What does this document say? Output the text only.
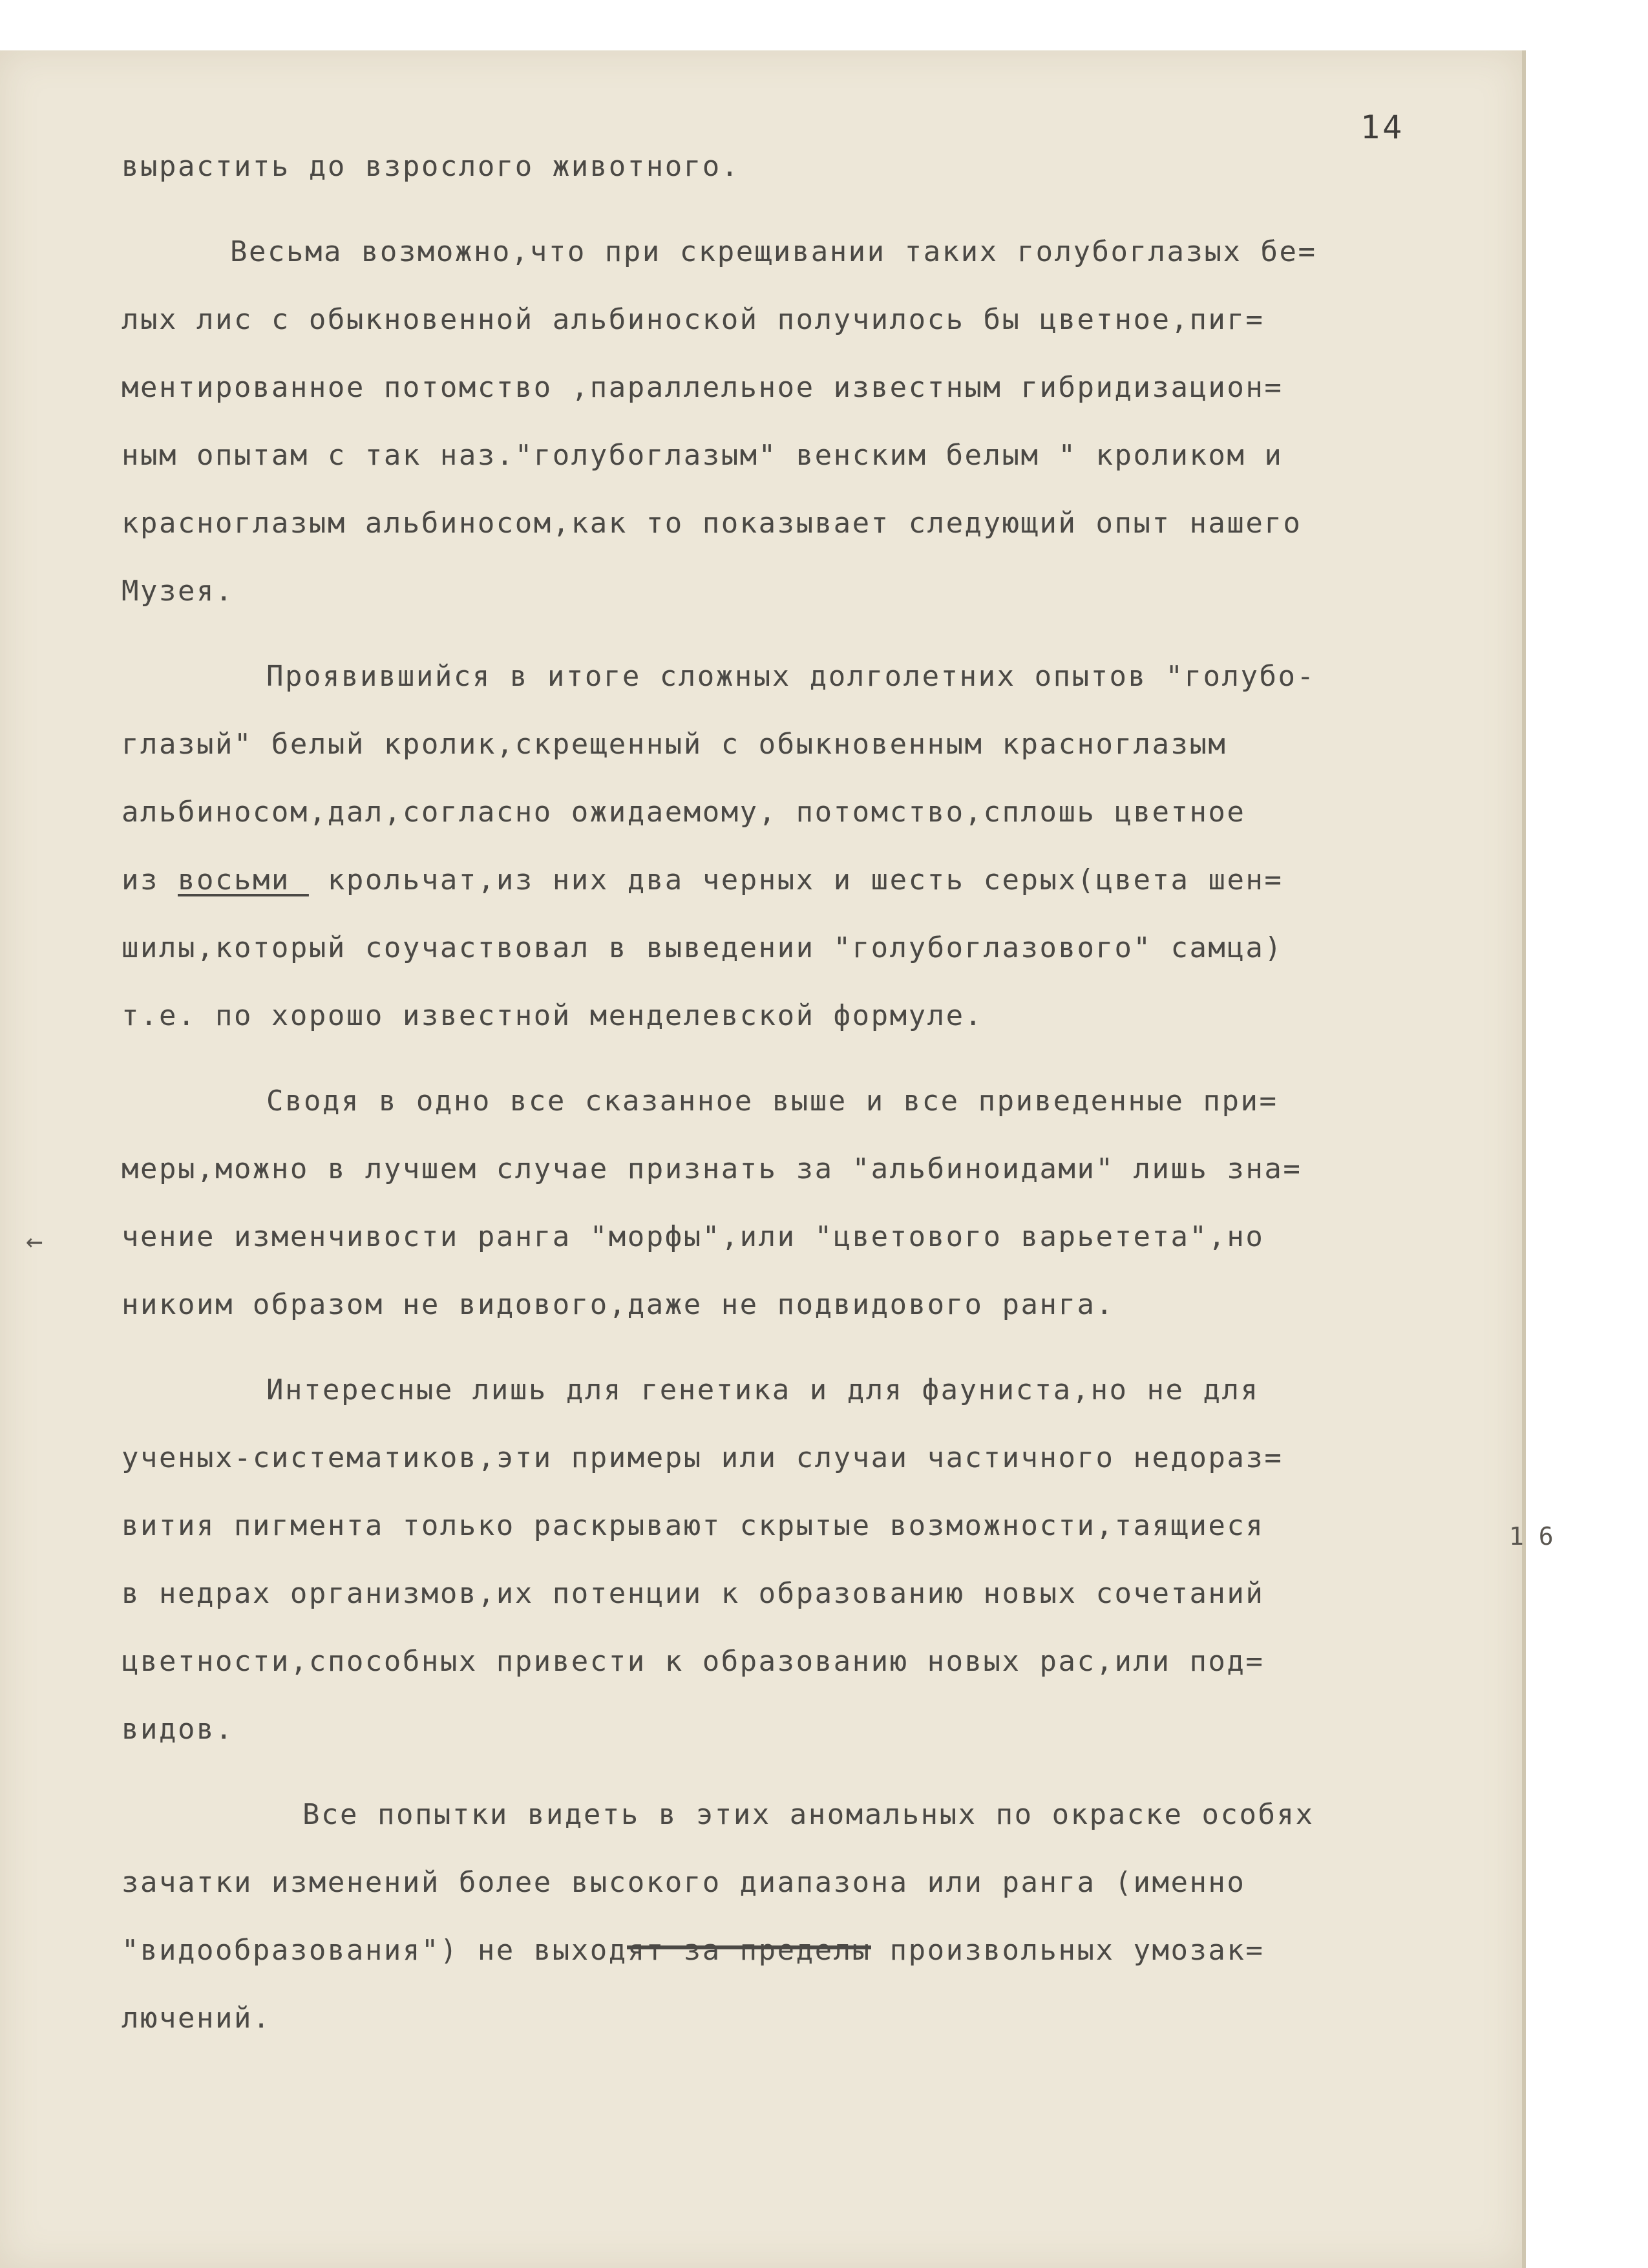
14
вырастить до взрослого животного.
Весьма возможно,что при скрещивании таких голубоглазых бе=
лых лис с обыкновенной альбиноской получилось бы цветное,пиг=
ментированное потомство ,параллельное известным гибридизацион=
ным опытам с так наз."голубоглазым" венским белым " кроликом и
красноглазым альбиносом,как то показывает следующий опыт нашего
Музея.
Проявившийся в итоге сложных долголетних опытов "голубо-
глазый" белый кролик,скрещенный с обыкновенным красноглазым
альбиносом,дал,согласно ожидаемому, потомство,сплошь цветное
из восьми  крольчат,из них два черных и шесть серых(цвета шен=
шилы,который соучаствовал в выведении "голубоглазового" самца)
т.е. по хорошо известной менделевской формуле.
Сводя в одно все сказанное выше и все приведенные при=
меры,можно в лучшем случае признать за "альбиноидами" лишь зна=
чение изменчивости ранга "морфы",или "цветового варьетета",но
никоим образом не видового,даже не подвидового ранга.
Интересные лишь для генетика и для фауниста,но не для
ученых-систематиков,эти примеры или случаи частичного недораз=
вития пигмента только раскрывают скрытые возможности,таящиеся
в недрах организмов,их потенции к образованию новых сочетаний
цветности,способных привести к образованию новых рас,или под=
видов.
Все попытки видеть в этих аномальных по окраске особях
зачатки изменений более высокого диапазона или ранга (именно
"видообразования") не выходят за пределы произвольных умозак=
лючений.
←
1 6
